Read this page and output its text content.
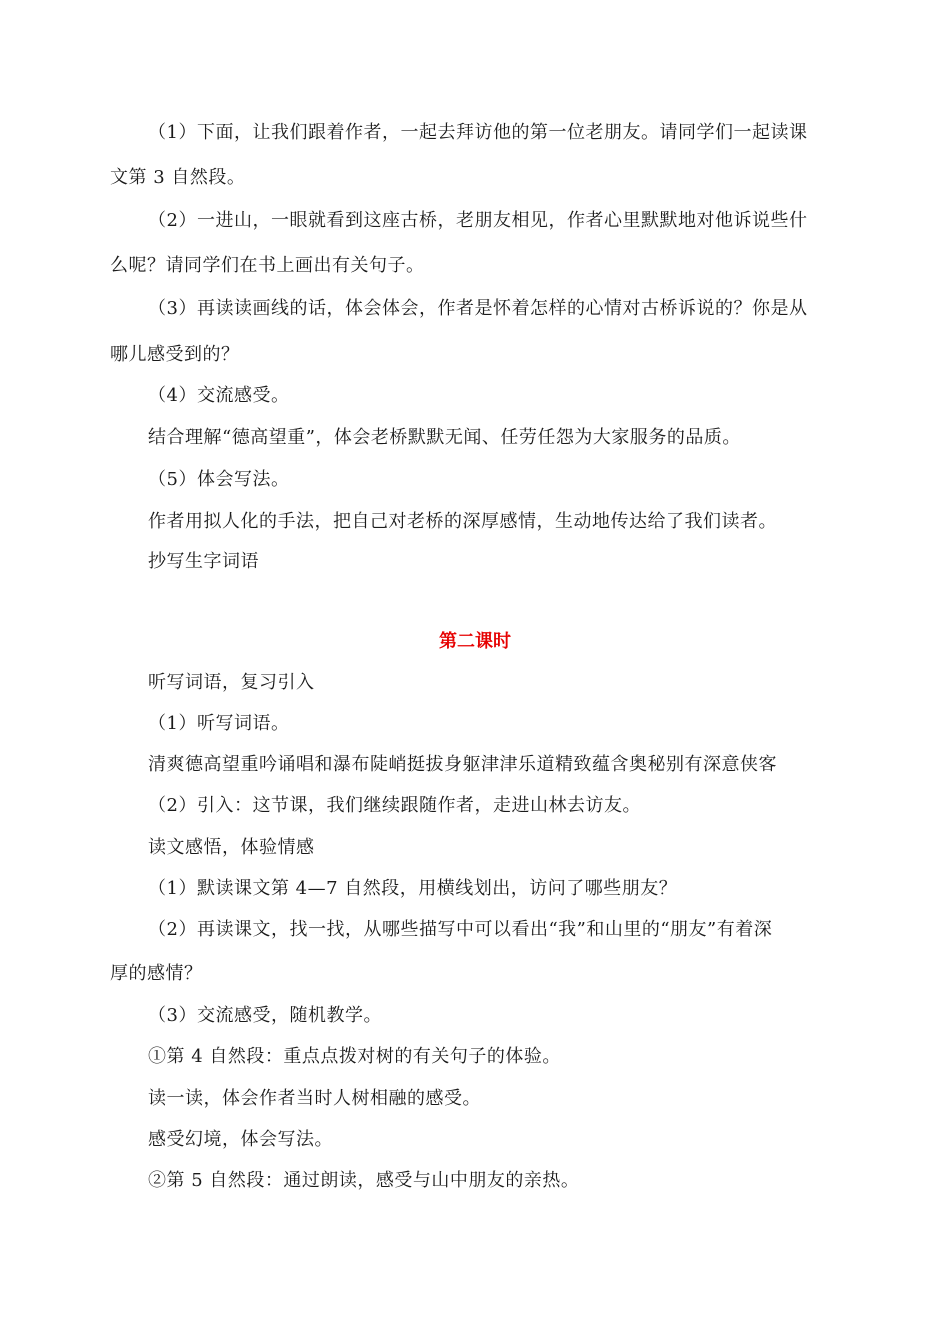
（1）下面，让我们跟着作者，一起去拜访他的第一位老朋友。请同学们一起读课
文第 3 自然段。
（2）一进山，一眼就看到这座古桥，老朋友相见，作者心里默默地对他诉说些什
么呢？请同学们在书上画出有关句子。
（3）再读读画线的话，体会体会，作者是怀着怎样的心情对古桥诉说的？你是从
哪儿感受到的？
（4）交流感受。
结合理解“德高望重”，体会老桥默默无闻、任劳任怨为大家服务的品质。
（5）体会写法。
作者用拟人化的手法，把自己对老桥的深厚感情，生动地传达给了我们读者。
抄写生字词语
第二课时
听写词语，复习引入
（1）听写词语。
清爽德高望重吟诵唱和瀑布陡峭挺拔身躯津津乐道精致蕴含奥秘别有深意侠客
（2）引入：这节课，我们继续跟随作者，走进山林去访友。
读文感悟，体验情感
（1）默读课文第 4—7 自然段，用横线划出，访问了哪些朋友？
（2）再读课文，找一找，从哪些描写中可以看出“我”和山里的“朋友”有着深
厚的感情？
（3）交流感受，随机教学。
①第 4 自然段：重点点拨对树的有关句子的体验。
读一读，体会作者当时人树相融的感受。
感受幻境，体会写法。
②第 5 自然段：通过朗读，感受与山中朋友的亲热。
